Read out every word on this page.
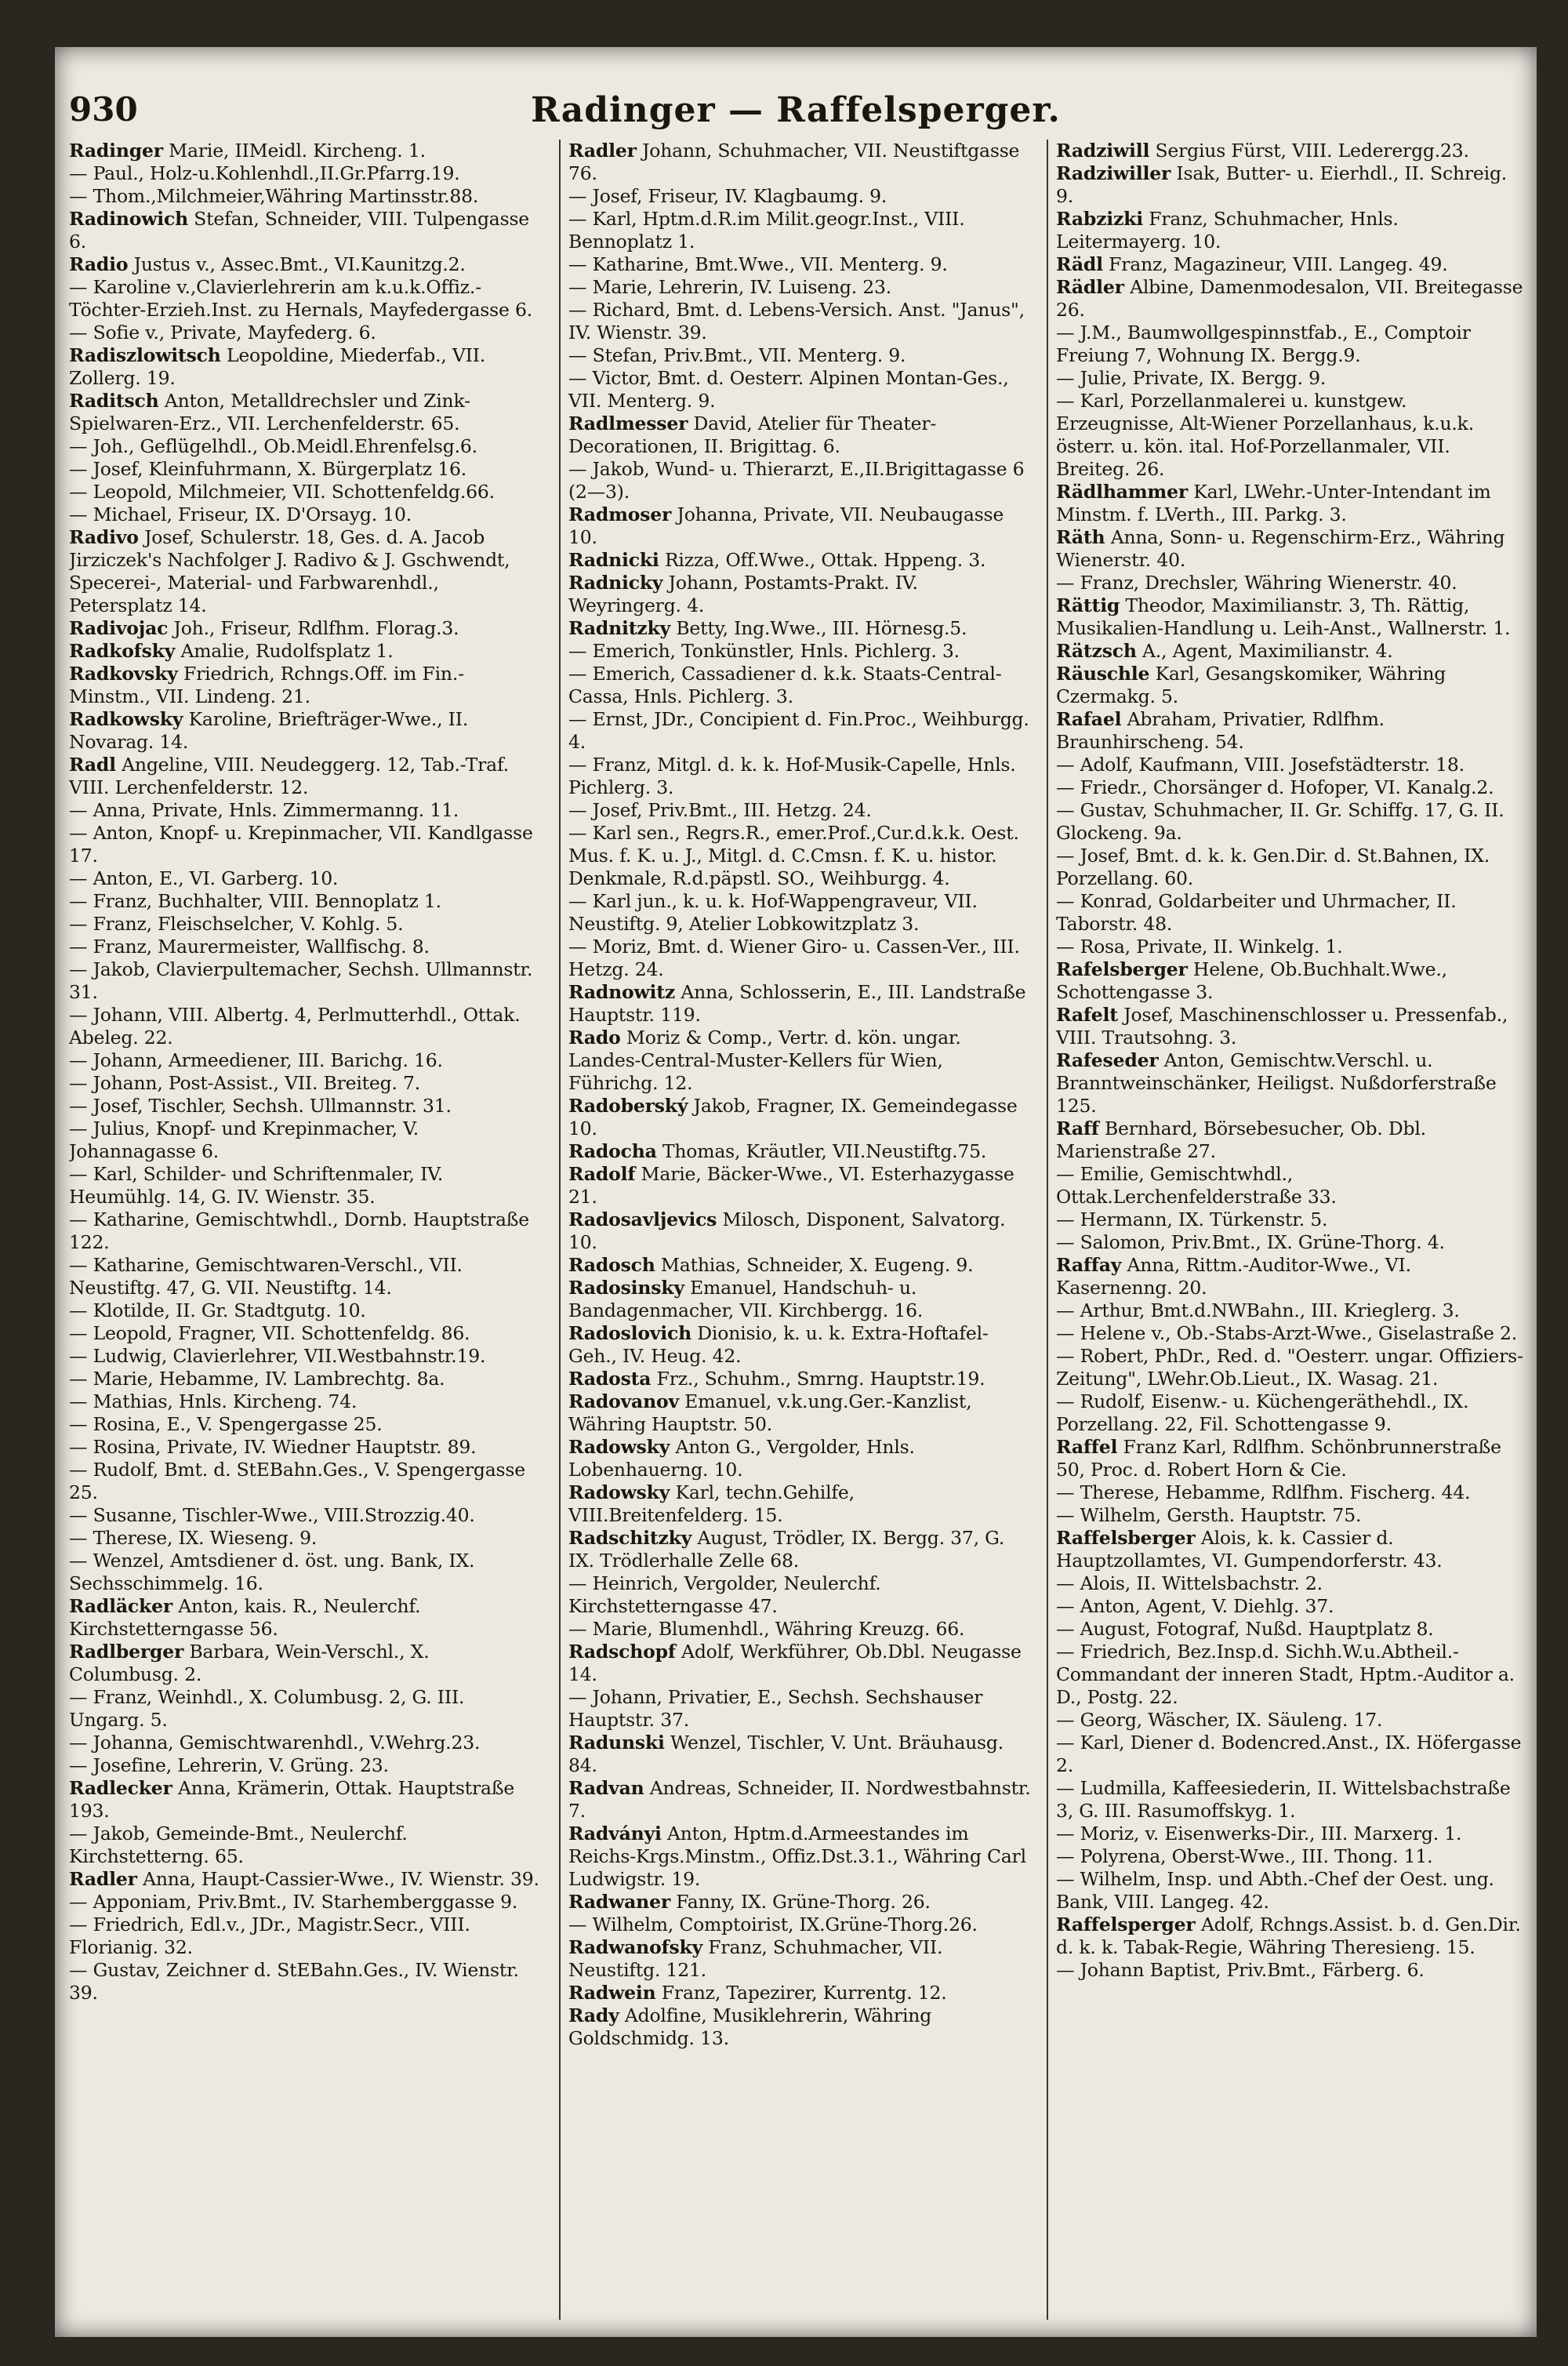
Radinger — Raffelsperger.
930

Radinger Marie, IIMeidl. Kircheng. 1.

— Paul., Holz-u.Kohlenhdl.,II.Gr.Pfarrg.19.

— Thom.,Milchmeier,Währing Martinsstr.88.

Radinowich Stefan, Schneider, VIII. Tulpengasse 6.

Radio Justus v., Assec.Bmt., VI.Kaunitzg.2.

— Karoline v.,Clavierlehrerin am k.u.k.Offiz.-Töchter-Erzieh.Inst. zu Hernals, Mayfedergasse 6.

— Sofie v., Private, Mayfederg. 6.

Radiszlowitsch Leopoldine, Miederfab., VII. Zollerg. 19.

Raditsch Anton, Metalldrechsler und Zink-Spielwaren-Erz., VII. Lerchenfelderstr. 65.

— Joh., Geflügelhdl., Ob.Meidl.Ehrenfelsg.6.

— Josef, Kleinfuhrmann, X. Bürgerplatz 16.

— Leopold, Milchmeier, VII. Schottenfeldg.66.

— Michael, Friseur, IX. D'Orsayg. 10.

Radivo Josef, Schulerstr. 18, Ges. d. A. Jacob Jirziczek's Nachfolger J. Radivo & J. Gschwendt, Specerei-, Material- und Farbwarenhdl., Petersplatz 14.

Radivojac Joh., Friseur, Rdlfhm. Florag.3.

Radkofsky Amalie, Rudolfsplatz 1.

Radkovsky Friedrich, Rchngs.Off. im Fin.-Minstm., VII. Lindeng. 21.

Radkowsky Karoline, Briefträger-Wwe., II. Novarag. 14.

Radl Angeline, VIII. Neudeggerg. 12, Tab.-Traf. VIII. Lerchenfelderstr. 12.

— Anna, Private, Hnls. Zimmermanng. 11.

— Anton, Knopf- u. Krepinmacher, VII. Kandlgasse 17.

— Anton, E., VI. Garberg. 10.

— Franz, Buchhalter, VIII. Bennoplatz 1.

— Franz, Fleischselcher, V. Kohlg. 5.

— Franz, Maurermeister, Wallfischg. 8.

— Jakob, Clavierpultemacher, Sechsh. Ullmannstr. 31.

— Johann, VIII. Albertg. 4, Perlmutterhdl., Ottak. Abeleg. 22.

— Johann, Armeediener, III. Barichg. 16.

— Johann, Post-Assist., VII. Breiteg. 7.

— Josef, Tischler, Sechsh. Ullmannstr. 31.

— Julius, Knopf- und Krepinmacher, V. Johannagasse 6.

— Karl, Schilder- und Schriftenmaler, IV. Heumühlg. 14, G. IV. Wienstr. 35.

— Katharine, Gemischtwhdl., Dornb. Hauptstraße 122.

— Katharine, Gemischtwaren-Verschl., VII. Neustiftg. 47, G. VII. Neustiftg. 14.

— Klotilde, II. Gr. Stadtgutg. 10.

— Leopold, Fragner, VII. Schottenfeldg. 86.

— Ludwig, Clavierlehrer, VII.Westbahnstr.19.

— Marie, Hebamme, IV. Lambrechtg. 8a.

— Mathias, Hnls. Kircheng. 74.

— Rosina, E., V. Spengergasse 25.

— Rosina, Private, IV. Wiedner Hauptstr. 89.

— Rudolf, Bmt. d. StEBahn.Ges., V. Spengergasse 25.

— Susanne, Tischler-Wwe., VIII.Strozzig.40.

— Therese, IX. Wieseng. 9.

— Wenzel, Amtsdiener d. öst. ung. Bank, IX. Sechsschimmelg. 16.

Radläcker Anton, kais. R., Neulerchf. Kirchstetterngasse 56.

Radlberger Barbara, Wein-Verschl., X. Columbusg. 2.

— Franz, Weinhdl., X. Columbusg. 2, G. III. Ungarg. 5.

— Johanna, Gemischtwarenhdl., V.Wehrg.23.

— Josefine, Lehrerin, V. Grüng. 23.

Radlecker Anna, Krämerin, Ottak. Hauptstraße 193.

— Jakob, Gemeinde-Bmt., Neulerchf. Kirchstetterng. 65.

Radler Anna, Haupt-Cassier-Wwe., IV. Wienstr. 39.

— Apponiam, Priv.Bmt., IV. Starhemberggasse 9.

— Friedrich, Edl.v., JDr., Magistr.Secr., VIII. Florianig. 32.

— Gustav, Zeichner d. StEBahn.Ges., IV. Wienstr. 39.

Radler Johann, Schuhmacher, VII. Neustiftgasse 76.

— Josef, Friseur, IV. Klagbaumg. 9.

— Karl, Hptm.d.R.im Milit.geogr.Inst., VIII. Bennoplatz 1.

— Katharine, Bmt.Wwe., VII. Menterg. 9.

— Marie, Lehrerin, IV. Luiseng. 23.

— Richard, Bmt. d. Lebens-Versich. Anst. "Janus", IV. Wienstr. 39.

— Stefan, Priv.Bmt., VII. Menterg. 9.

— Victor, Bmt. d. Oesterr. Alpinen Montan-Ges., VII. Menterg. 9.

Radlmesser David, Atelier für Theater-Decorationen, II. Brigittag. 6.

— Jakob, Wund- u. Thierarzt, E.,II.Brigittagasse 6 (2—3).

Radmoser Johanna, Private, VII. Neubaugasse 10.

Radnicki Rizza, Off.Wwe., Ottak. Hppeng. 3.

Radnicky Johann, Postamts-Prakt. IV. Weyringerg. 4.

Radnitzky Betty, Ing.Wwe., III. Hörnesg.5.

— Emerich, Tonkünstler, Hnls. Pichlerg. 3.

— Emerich, Cassadiener d. k.k. Staats-Central-Cassa, Hnls. Pichlerg. 3.

— Ernst, JDr., Concipient d. Fin.Proc., Weihburgg. 4.

— Franz, Mitgl. d. k. k. Hof-Musik-Capelle, Hnls. Pichlerg. 3.

— Josef, Priv.Bmt., III. Hetzg. 24.

— Karl sen., Regrs.R., emer.Prof.,Cur.d.k.k. Oest. Mus. f. K. u. J., Mitgl. d. C.Cmsn. f. K. u. histor. Denkmale, R.d.päpstl. SO., Weihburgg. 4.

— Karl jun., k. u. k. Hof-Wappengraveur, VII. Neustiftg. 9, Atelier Lobkowitzplatz 3.

— Moriz, Bmt. d. Wiener Giro- u. Cassen-Ver., III. Hetzg. 24.

Radnowitz Anna, Schlosserin, E., III. Landstraße Hauptstr. 119.

Rado Moriz & Comp., Vertr. d. kön. ungar. Landes-Central-Muster-Kellers für Wien, Führichg. 12.

Radoberský Jakob, Fragner, IX. Gemeindegasse 10.

Radocha Thomas, Kräutler, VII.Neustiftg.75.

Radolf Marie, Bäcker-Wwe., VI. Esterhazygasse 21.

Radosavljevics Milosch, Disponent, Salvatorg. 10.

Radosch Mathias, Schneider, X. Eugeng. 9.

Radosinsky Emanuel, Handschuh- u. Bandagenmacher, VII. Kirchbergg. 16.

Radoslovich Dionisio, k. u. k. Extra-Hoftafel-Geh., IV. Heug. 42.

Radosta Frz., Schuhm., Smrng. Hauptstr.19.

Radovanov Emanuel, v.k.ung.Ger.-Kanzlist, Währing Hauptstr. 50.

Radowsky Anton G., Vergolder, Hnls. Lobenhauerng. 10.

Radowsky Karl, techn.Gehilfe, VIII.Breitenfelderg. 15.

Radschitzky August, Trödler, IX. Bergg. 37, G. IX. Trödlerhalle Zelle 68.

— Heinrich, Vergolder, Neulerchf. Kirchstetterngasse 47.

— Marie, Blumenhdl., Währing Kreuzg. 66.

Radschopf Adolf, Werkführer, Ob.Dbl. Neugasse 14.

— Johann, Privatier, E., Sechsh. Sechshauser Hauptstr. 37.

Radunski Wenzel, Tischler, V. Unt. Bräuhausg. 84.

Radvan Andreas, Schneider, II. Nordwestbahnstr. 7.

Radványi Anton, Hptm.d.Armeestandes im Reichs-Krgs.Minstm., Offiz.Dst.3.1., Währing Carl Ludwigstr. 19.

Radwaner Fanny, IX. Grüne-Thorg. 26.

— Wilhelm, Comptoirist, IX.Grüne-Thorg.26.

Radwanofsky Franz, Schuhmacher, VII. Neustiftg. 121.

Radwein Franz, Tapezirer, Kurrentg. 12.

Rady Adolfine, Musiklehrerin, Währing Goldschmidg. 13.

Radziwill Sergius Fürst, VIII. Lederergg.23.

Radziwiller Isak, Butter- u. Eierhdl., II. Schreig. 9.

Rabzizki Franz, Schuhmacher, Hnls. Leitermayerg. 10.

Rädl Franz, Magazineur, VIII. Langeg. 49.

Rädler Albine, Damenmodesalon, VII. Breitegasse 26.

— J.M., Baumwollgespinnstfab., E., Comptoir Freiung 7, Wohnung IX. Bergg.9.

— Julie, Private, IX. Bergg. 9.

— Karl, Porzellanmalerei u. kunstgew. Erzeugnisse, Alt-Wiener Porzellanhaus, k.u.k. österr. u. kön. ital. Hof-Porzellanmaler, VII. Breiteg. 26.

Rädlhammer Karl, LWehr.-Unter-Intendant im Minstm. f. LVerth., III. Parkg. 3.

Räth Anna, Sonn- u. Regenschirm-Erz., Währing Wienerstr. 40.

— Franz, Drechsler, Währing Wienerstr. 40.

Rättig Theodor, Maximilianstr. 3, Th. Rättig, Musikalien-Handlung u. Leih-Anst., Wallnerstr. 1.

Rätzsch A., Agent, Maximilianstr. 4.

Räuschle Karl, Gesangskomiker, Währing Czermakg. 5.

Rafael Abraham, Privatier, Rdlfhm. Braunhirscheng. 54.

— Adolf, Kaufmann, VIII. Josefstädterstr. 18.

— Friedr., Chorsänger d. Hofoper, VI. Kanalg.2.

— Gustav, Schuhmacher, II. Gr. Schiffg. 17, G. II. Glockeng. 9a.

— Josef, Bmt. d. k. k. Gen.Dir. d. St.Bahnen, IX. Porzellang. 60.

— Konrad, Goldarbeiter und Uhrmacher, II. Taborstr. 48.

— Rosa, Private, II. Winkelg. 1.

Rafelsberger Helene, Ob.Buchhalt.Wwe., Schottengasse 3.

Rafelt Josef, Maschinenschlosser u. Pressenfab., VIII. Trautsohng. 3.

Rafeseder Anton, Gemischtw.Verschl. u. Branntweinschänker, Heiligst. Nußdorferstraße 125.

Raff Bernhard, Börsebesucher, Ob. Dbl. Marienstraße 27.

— Emilie, Gemischtwhdl., Ottak.Lerchenfelderstraße 33.

— Hermann, IX. Türkenstr. 5.

— Salomon, Priv.Bmt., IX. Grüne-Thorg. 4.

Raffay Anna, Rittm.-Auditor-Wwe., VI. Kasernenng. 20.

— Arthur, Bmt.d.NWBahn., III. Krieglerg. 3.

— Helene v., Ob.-Stabs-Arzt-Wwe., Giselastraße 2.

— Robert, PhDr., Red. d. "Oesterr. ungar. Offiziers-Zeitung", LWehr.Ob.Lieut., IX. Wasag. 21.

— Rudolf, Eisenw.- u. Küchengeräthehdl., IX. Porzellang. 22, Fil. Schottengasse 9.

Raffel Franz Karl, Rdlfhm. Schönbrunnerstraße 50, Proc. d. Robert Horn & Cie.

— Therese, Hebamme, Rdlfhm. Fischerg. 44.

— Wilhelm, Gersth. Hauptstr. 75.

Raffelsberger Alois, k. k. Cassier d. Hauptzollamtes, VI. Gumpendorferstr. 43.

— Alois, II. Wittelsbachstr. 2.

— Anton, Agent, V. Diehlg. 37.

— August, Fotograf, Nußd. Hauptplatz 8.

— Friedrich, Bez.Insp.d. Sichh.W.u.Abtheil.-Commandant der inneren Stadt, Hptm.-Auditor a. D., Postg. 22.

— Georg, Wäscher, IX. Säuleng. 17.

— Karl, Diener d. Bodencred.Anst., IX. Höfergasse 2.

— Ludmilla, Kaffeesiederin, II. Wittelsbachstraße 3, G. III. Rasumoffskyg. 1.

— Moriz, v. Eisenwerks-Dir., III. Marxerg. 1.

— Polyrena, Oberst-Wwe., III. Thong. 11.

— Wilhelm, Insp. und Abth.-Chef der Oest. ung. Bank, VIII. Langeg. 42.

Raffelsperger Adolf, Rchngs.Assist. b. d. Gen.Dir. d. k. k. Tabak-Regie, Währing Theresieng. 15.

— Johann Baptist, Priv.Bmt., Färberg. 6.
